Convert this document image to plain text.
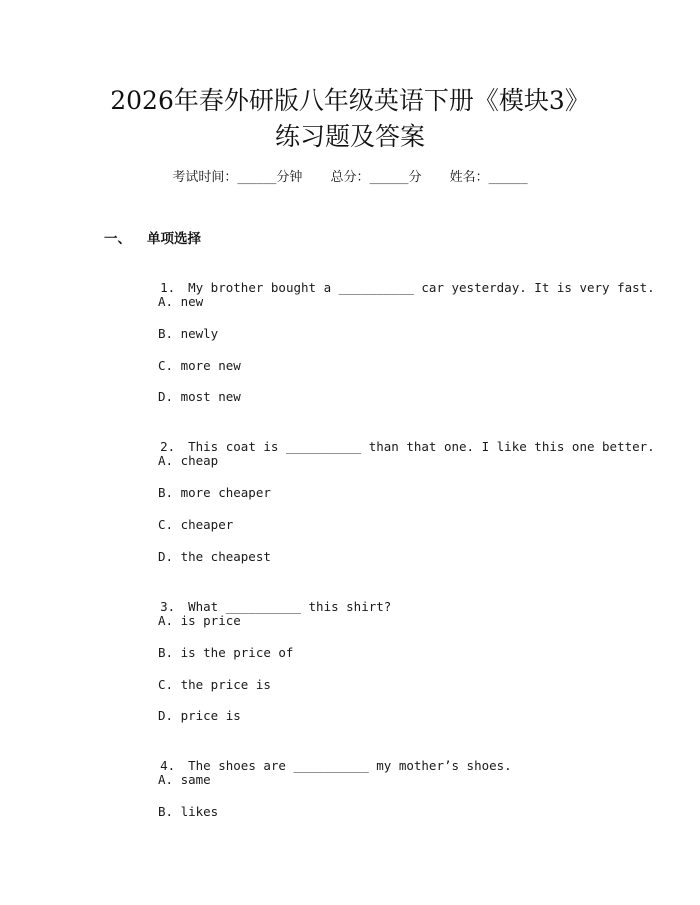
2026年春外研版八年级英语下册《模块3》
练习题及答案
考试时间：______分钟 总分：______分 姓名：______
一、 单项选择

1. My brother bought a __________ car yesterday. It is very fast.

A. new
B. newly
C. more new
D. most new

2. This coat is __________ than that one. I like this one better.

A. cheap
B. more cheaper
C. cheaper
D. the cheapest

3. What __________ this shirt?

A. is price
B. is the price of
C. the price is
D. price is

4. The shoes are __________ my mother’s shoes.

A. same
B. likes
